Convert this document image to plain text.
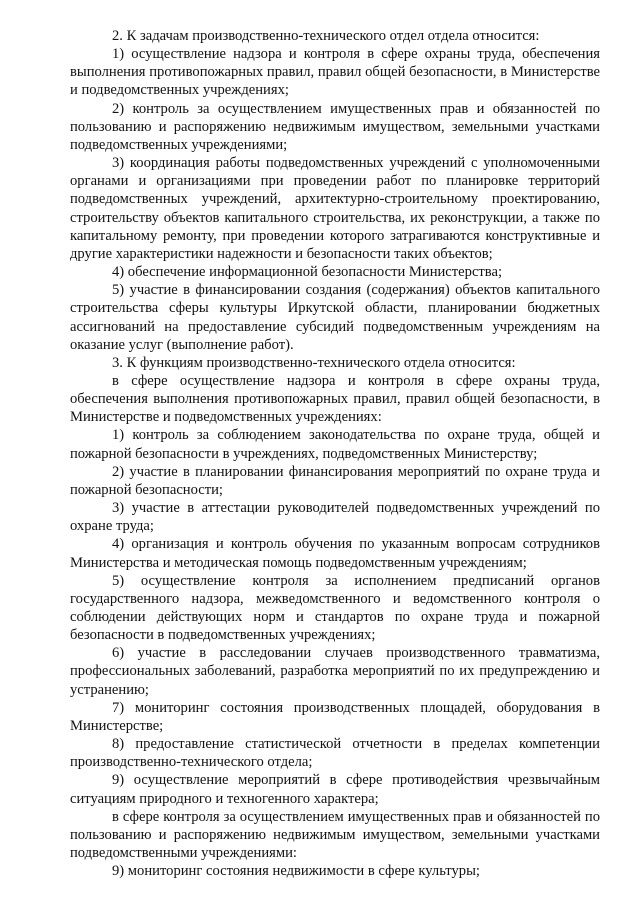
2. К задачам производственно-технического отдел отдела относится:

1) осуществление надзора и контроля в сфере охраны труда, обеспечения выполнения противопожарных правил, правил общей безопасности, в Министерстве и подведомственных учреждениях;

2) контроль за осуществлением имущественных прав и обязанностей по пользованию и распоряжению недвижимым имуществом, земельными участками подведомственных учреждениями;

3) координация работы подведомственных учреждений с уполномоченными органами и организациями при проведении работ по планировке территорий подведомственных учреждений, архитектурно-строительному проектированию, строительству объектов капитального строительства, их реконструкции, а также по капитальному ремонту, при проведении которого затрагиваются конструктивные и другие характеристики надежности и безопасности таких объектов;

4) обеспечение информационной безопасности Министерства;

5) участие в финансировании создания (содержания) объектов капитального строительства сферы культуры Иркутской области, планировании бюджетных ассигнований на предоставление субсидий подведомственным учреждениям на оказание услуг (выполнение работ).

3. К функциям производственно-технического отдела относится:

в сфере осуществление надзора и контроля в сфере охраны труда, обеспечения выполнения противопожарных правил, правил общей безопасности, в Министерстве и подведомственных учреждениях:

1) контроль за соблюдением законодательства по охране труда, общей и пожарной безопасности в учреждениях, подведомственных Министерству;

2) участие в планировании финансирования мероприятий по охране труда и пожарной безопасности;

3) участие в аттестации руководителей подведомственных учреждений по охране труда;

4) организация и контроль обучения по указанным вопросам сотрудников Министерства и методическая помощь подведомственным учреждениям;

5) осуществление контроля за исполнением предписаний органов государственного надзора, межведомственного и ведомственного контроля о соблюдении действующих норм и стандартов по охране труда и пожарной безопасности в подведомственных учреждениях;

6) участие в расследовании случаев производственного травматизма, профессиональных заболеваний, разработка мероприятий по их предупреждению и устранению;

7) мониторинг состояния производственных площадей, оборудования в Министерстве;

8) предоставление статистической отчетности в пределах компетенции производственно-технического отдела;

9) осуществление мероприятий в сфере противодействия чрезвычайным ситуациям природного и техногенного характера;

в сфере контроля за осуществлением имущественных прав и обязанностей по пользованию и распоряжению недвижимым имуществом, земельными участками подведомственными учреждениями:

9) мониторинг состояния недвижимости в сфере культуры;
